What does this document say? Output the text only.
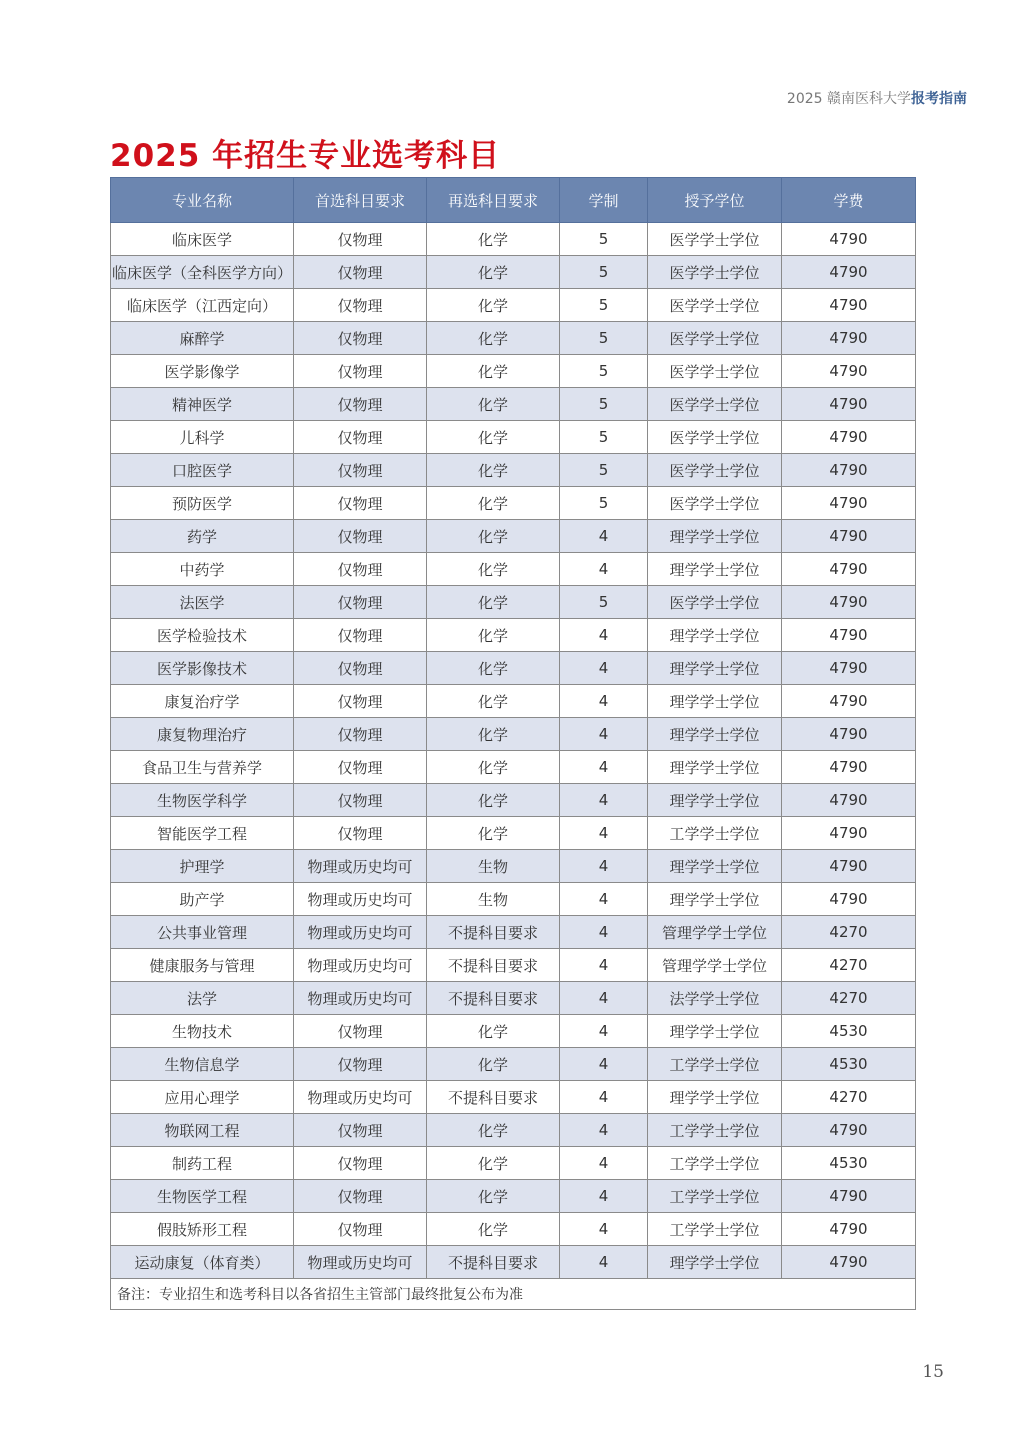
2025 赣南医科大学报考指南
2025 年招生专业选考科目
专业名称	首选科目要求	再选科目要求	学制	授予学位	学费
临床医学	仅物理	化学	5	医学学士学位	4790
临床医学（全科医学方向）	仅物理	化学	5	医学学士学位	4790
临床医学（江西定向）	仅物理	化学	5	医学学士学位	4790
麻醉学	仅物理	化学	5	医学学士学位	4790
医学影像学	仅物理	化学	5	医学学士学位	4790
精神医学	仅物理	化学	5	医学学士学位	4790
儿科学	仅物理	化学	5	医学学士学位	4790
口腔医学	仅物理	化学	5	医学学士学位	4790
预防医学	仅物理	化学	5	医学学士学位	4790
药学	仅物理	化学	4	理学学士学位	4790
中药学	仅物理	化学	4	理学学士学位	4790
法医学	仅物理	化学	5	医学学士学位	4790
医学检验技术	仅物理	化学	4	理学学士学位	4790
医学影像技术	仅物理	化学	4	理学学士学位	4790
康复治疗学	仅物理	化学	4	理学学士学位	4790
康复物理治疗	仅物理	化学	4	理学学士学位	4790
食品卫生与营养学	仅物理	化学	4	理学学士学位	4790
生物医学科学	仅物理	化学	4	理学学士学位	4790
智能医学工程	仅物理	化学	4	工学学士学位	4790
护理学	物理或历史均可	生物	4	理学学士学位	4790
助产学	物理或历史均可	生物	4	理学学士学位	4790
公共事业管理	物理或历史均可	不提科目要求	4	管理学学士学位	4270
健康服务与管理	物理或历史均可	不提科目要求	4	管理学学士学位	4270
法学	物理或历史均可	不提科目要求	4	法学学士学位	4270
生物技术	仅物理	化学	4	理学学士学位	4530
生物信息学	仅物理	化学	4	工学学士学位	4530
应用心理学	物理或历史均可	不提科目要求	4	理学学士学位	4270
物联网工程	仅物理	化学	4	工学学士学位	4790
制药工程	仅物理	化学	4	工学学士学位	4530
生物医学工程	仅物理	化学	4	工学学士学位	4790
假肢矫形工程	仅物理	化学	4	工学学士学位	4790
运动康复（体育类）	物理或历史均可	不提科目要求	4	理学学士学位	4790
备注：专业招生和选考科目以各省招生主管部门最终批复公布为准					
15
